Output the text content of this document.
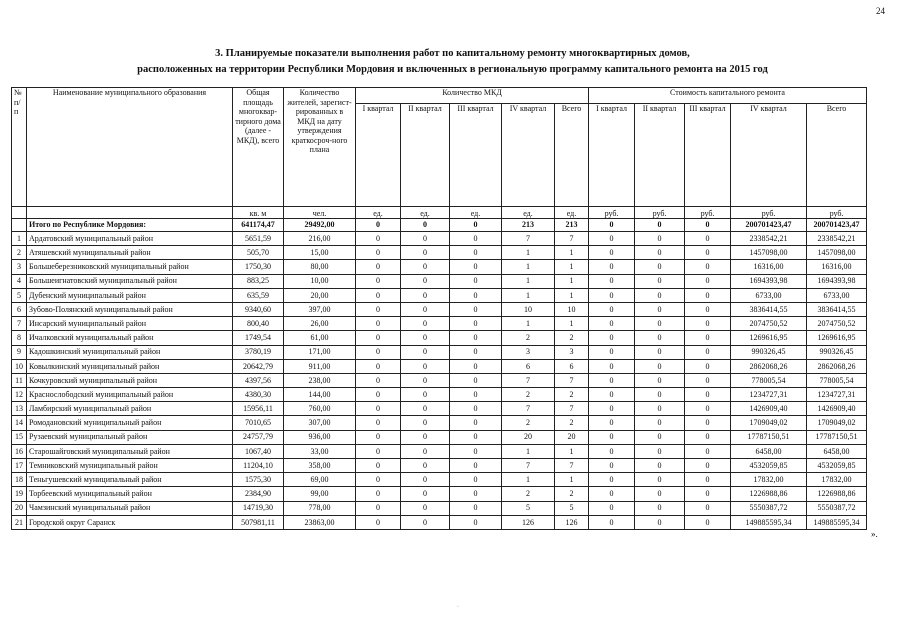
24
3. Планируемые показатели выполнения работ по капитальному ремонту многоквартирных домов,
расположенных на территории Республики Мордовия и включенных в региональную программу капитального ремонта на 2015 год
№ п/п	Наименование муниципального образования	Общая площадь многоквар-тирного дома (далее - МКД), всего	Количество жителей, зарегист-рированных в МКД на дату утверждения краткосроч-ного плана	Количество МКД					Стоимость капитального ремонта				
				I квартал	II квартал	III квартал	IV квартал	Всего	I квартал	II квартал	III квартал	IV квартал	Всего
		кв. м	чел.	ед.	ед.	ед.	ед.	ед.	руб.	руб.	руб.	руб.	руб.
	Итого по Республике Мордовия:	641174,47	29492,00	0	0	0	213	213	0	0	0	200701423,47	200701423,47
1	Ардатовский муниципальный район	5651,59	216,00	0	0	0	7	7	0	0	0	2338542,21	2338542,21
2	Атяшевский муниципальный район	505,70	15,00	0	0	0	1	1	0	0	0	1457098,00	1457098,00
3	Большеберезниковский муниципальный район	1750,30	80,00	0	0	0	1	1	0	0	0	16316,00	16316,00
4	Большеигнатовский муниципальный район	883,25	10,00	0	0	0	1	1	0	0	0	1694393,98	1694393,98
5	Дубенский муниципальный район	635,59	20,00	0	0	0	1	1	0	0	0	6733,00	6733,00
6	Зубово-Полянский муниципальный район	9340,60	397,00	0	0	0	10	10	0	0	0	3836414,55	3836414,55
7	Инсарский муниципальный район	800,40	26,00	0	0	0	1	1	0	0	0	2074750,52	2074750,52
8	Ичалковский муниципальный район	1749,54	61,00	0	0	0	2	2	0	0	0	1269616,95	1269616,95
9	Кадошкинский муниципальный район	3780,19	171,00	0	0	0	3	3	0	0	0	990326,45	990326,45
10	Ковылкинский муниципальный район	20642,79	911,00	0	0	0	6	6	0	0	0	2862068,26	2862068,26
11	Кочкуровский муниципальный район	4397,56	238,00	0	0	0	7	7	0	0	0	778005,54	778005,54
12	Краснослободский муниципальный район	4380,30	144,00	0	0	0	2	2	0	0	0	1234727,31	1234727,31
13	Ламбирский муниципальный район	15956,11	760,00	0	0	0	7	7	0	0	0	1426909,40	1426909,40
14	Ромодановский муниципальный район	7010,65	307,00	0	0	0	2	2	0	0	0	1709049,02	1709049,02
15	Рузаевский муниципальный район	24757,79	936,00	0	0	0	20	20	0	0	0	17787150,51	17787150,51
16	Старошайговский муниципальный район	1067,40	33,00	0	0	0	1	1	0	0	0	6458,00	6458,00
17	Темниковский муниципальный район	11204,10	358,00	0	0	0	7	7	0	0	0	4532059,85	4532059,85
18	Теньгушевский муниципальный район	1575,30	69,00	0	0	0	1	1	0	0	0	17832,00	17832,00
19	Торбеевский муниципальный район	2384,90	99,00	0	0	0	2	2	0	0	0	1226988,86	1226988,86
20	Чамзинский муниципальный район	14719,30	778,00	0	0	0	5	5	0	0	0	5550387,72	5550387,72
21	Городской округ Саранск	507981,11	23863,00	0	0	0	126	126	0	0	0	149885595,34	149885595,34
».
·
